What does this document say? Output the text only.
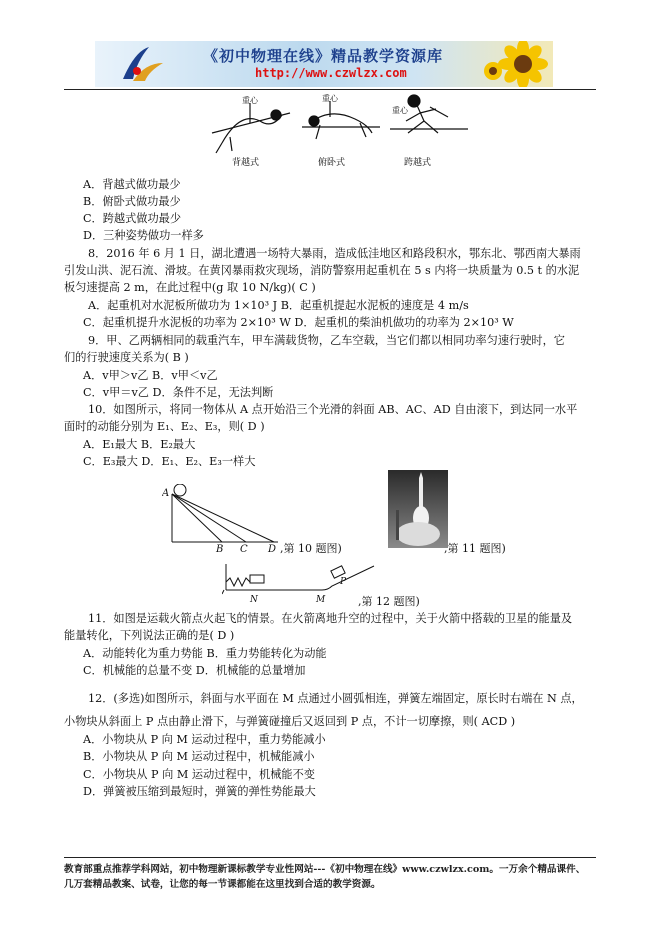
《初中物理在线》精品教学资源库
http://www.czwlzx.com
重心	重心
重心
背越式	俯卧式	跨越式
A．背越式做功最少
B．俯卧式做功最少
C．跨越式做功最少
D．三种姿势做功一样多
8．2016 年 6 月 1 日，湖北遭遇一场特大暴雨，造成低洼地区和路段积水，鄂东北、鄂西南大暴雨
引发山洪、泥石流、滑坡。在黄冈暴雨救灾现场，消防警察用起重机在 5 s 内将一块质量为 0.5 t 的水泥
板匀速提高 2 m，在此过程中(g 取 10 N/kg)( C )
A．起重机对水泥板所做功为 1×10³ J B．起重机提起水泥板的速度是 4 m/s
C．起重机提升水泥板的功率为 2×10³ W D．起重机的柴油机做功的功率为 2×10³ W
9．甲、乙两辆相同的载重汽车，甲车满载货物，乙车空载，当它们都以相同功率匀速行驶时，它
们的行驶速度关系为( B )
A．v甲＞v乙 B．v甲＜v乙
C．v甲＝v乙 D．条件不足，无法判断
10．如图所示，将同一物体从 A 点开始沿三个光滑的斜面 AB、AC、AD 自由滚下，到达同一水平
面时的动能分别为 E₁、E₂、E₃，则( D )
A．E₁最大 B．E₂最大
C．E₃最大 D．E₁、E₂、E₃一样大
A
B C D ,第 10 题图)	,第 11 题图)
N	M
P
,第 12 题图)
11．如图是运载火箭点火起飞的情景。在火箭离地升空的过程中，关于火箭中搭载的卫星的能量及
能量转化，下列说法正确的是( D )
A．动能转化为重力势能 B．重力势能转化为动能
C．机械能的总量不变 D．机械能的总量增加
12．(多选)如图所示，斜面与水平面在 M 点通过小圆弧相连，弹簧左端固定，原长时右端在 N 点，
小物块从斜面上 P 点由静止滑下，与弹簧碰撞后又返回到 P 点，不计一切摩擦，则( ACD )
A．小物块从 P 向 M 运动过程中，重力势能减小
B．小物块从 P 向 M 运动过程中，机械能减小
C．小物块从 P 向 M 运动过程中，机械能不变
D．弹簧被压缩到最短时，弹簧的弹性势能最大
教育部重点推荐学科网站，初中物理新课标教学专业性网站---《初中物理在线》www.czwlzx.com。一万余个精品课件、
几万套精品教案、试卷，让您的每一节课都能在这里找到合适的教学资源。
